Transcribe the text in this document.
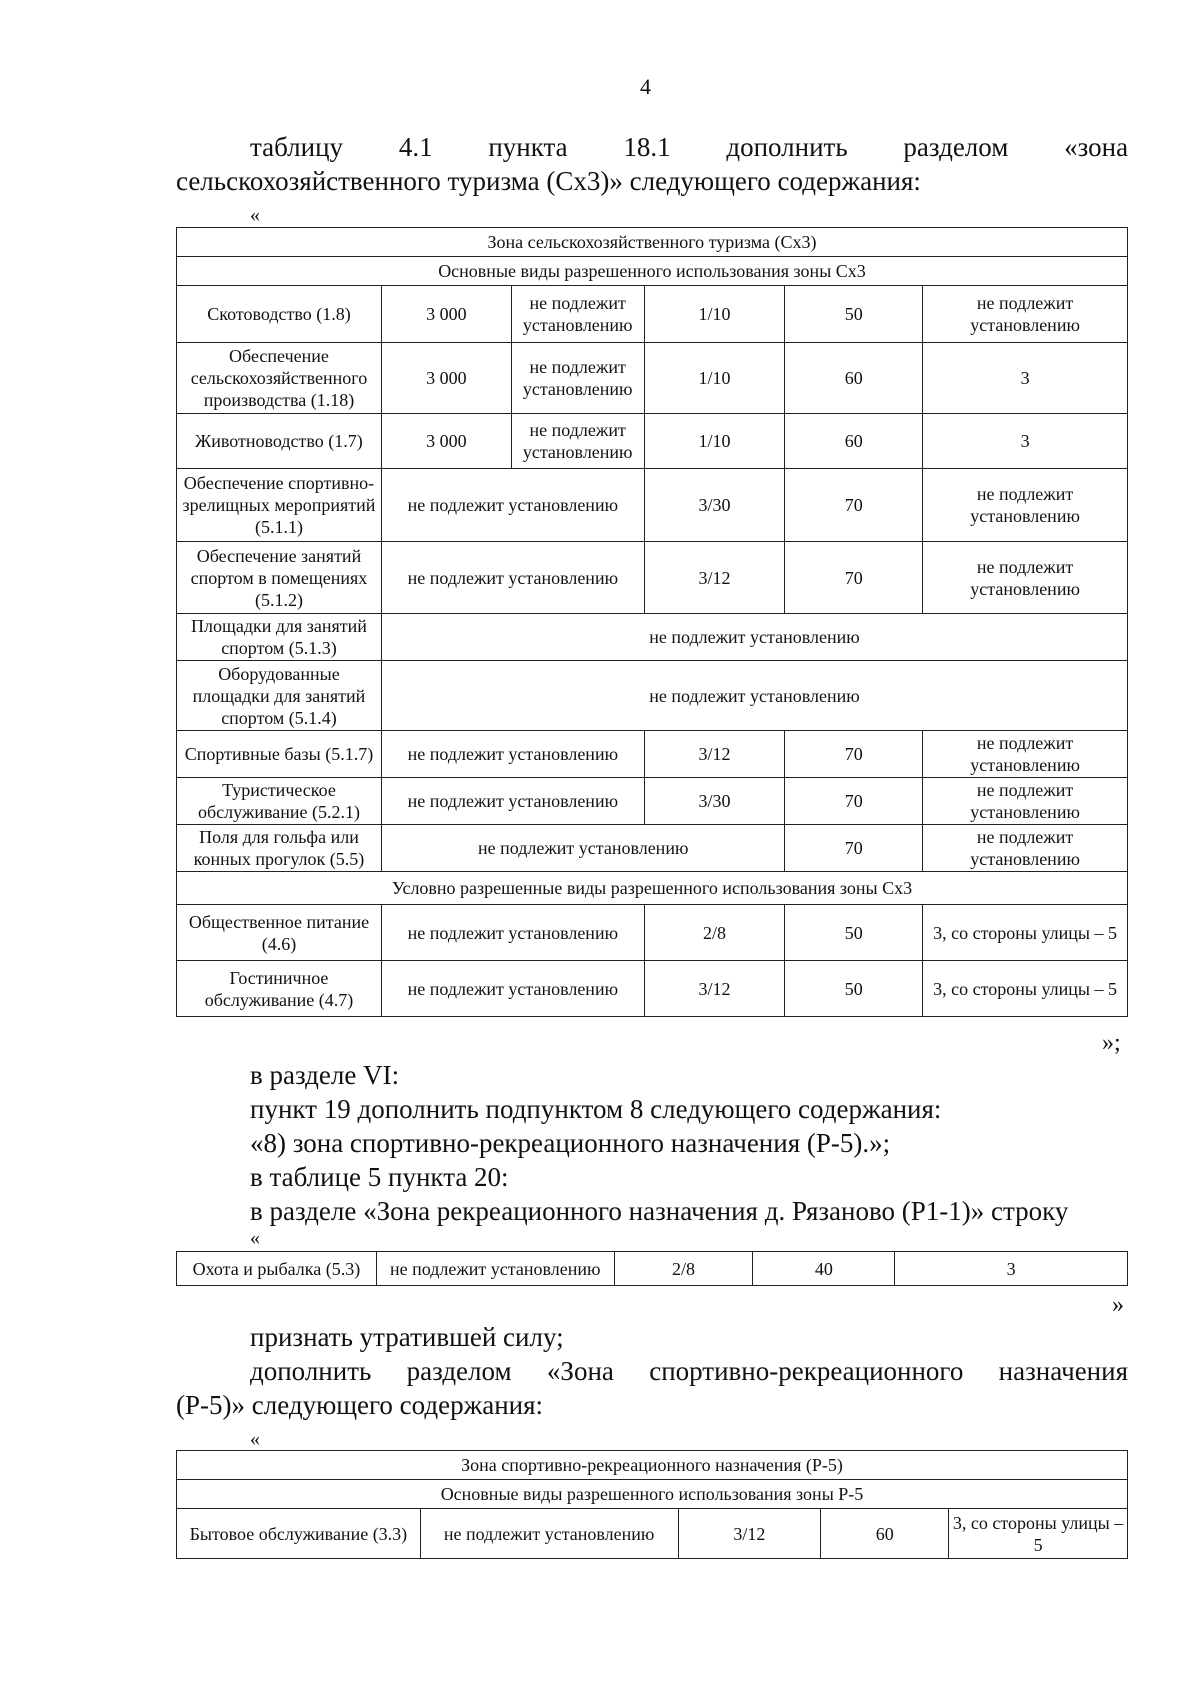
4
таблицу 4.1 пункта 18.1 дополнить разделом «зона
сельскохозяйственного туризма (Сх3)» следующего содержания:
«
Зона сельскохозяйственного туризма (Сх3)					
Основные виды разрешенного использования зоны Сх3					
Скотоводство (1.8)	3 000	не подлежит установлению	1/10	50	не подлежит установлению
Обеспечение сельскохозяйственного производства (1.18)	3 000	не подлежит установлению	1/10	60	3
Животноводство (1.7)	3 000	не подлежит установлению	1/10	60	3
Обеспечение спортивно-зрелищных мероприятий (5.1.1)	не подлежит установлению		3/30	70	не подлежит установлению
Обеспечение занятий спортом в помещениях (5.1.2)	не подлежит установлению		3/12	70	не подлежит установлению
Площадки для занятий спортом (5.1.3)	не подлежит установлению				
Оборудованные площадки для занятий спортом (5.1.4)	не подлежит установлению				
Спортивные базы (5.1.7)	не подлежит установлению		3/12	70	не подлежит установлению
Туристическое обслуживание (5.2.1)	не подлежит установлению		3/30	70	не подлежит установлению
Поля для гольфа или конных прогулок (5.5)	не подлежит установлению			70	не подлежит установлению
Условно разрешенные виды разрешенного использования зоны Сх3					
Общественное питание (4.6)	не подлежит установлению		2/8	50	3, со стороны улицы – 5
Гостиничное обслуживание (4.7)	не подлежит установлению		3/12	50	3, со стороны улицы – 5
»;
в разделе VI:
пункт 19 дополнить подпунктом 8 следующего содержания:
«8) зона спортивно-рекреационного назначения (Р-5).»;
в таблице 5 пункта 20:
в разделе «Зона рекреационного назначения д. Рязаново (Р1-1)» строку
«
Охота и рыбалка (5.3)	не подлежит установлению	2/8	40	3
»
признать утратившей силу;
дополнить разделом «Зона спортивно-рекреационного назначения
(Р-5)» следующего содержания:
«
Зона спортивно-рекреационного назначения (Р-5)
Основные виды разрешенного использования зоны Р-5
Бытовое обслуживание (3.3)	не подлежит установлению	3/12	60	3, со стороны улицы – 5
